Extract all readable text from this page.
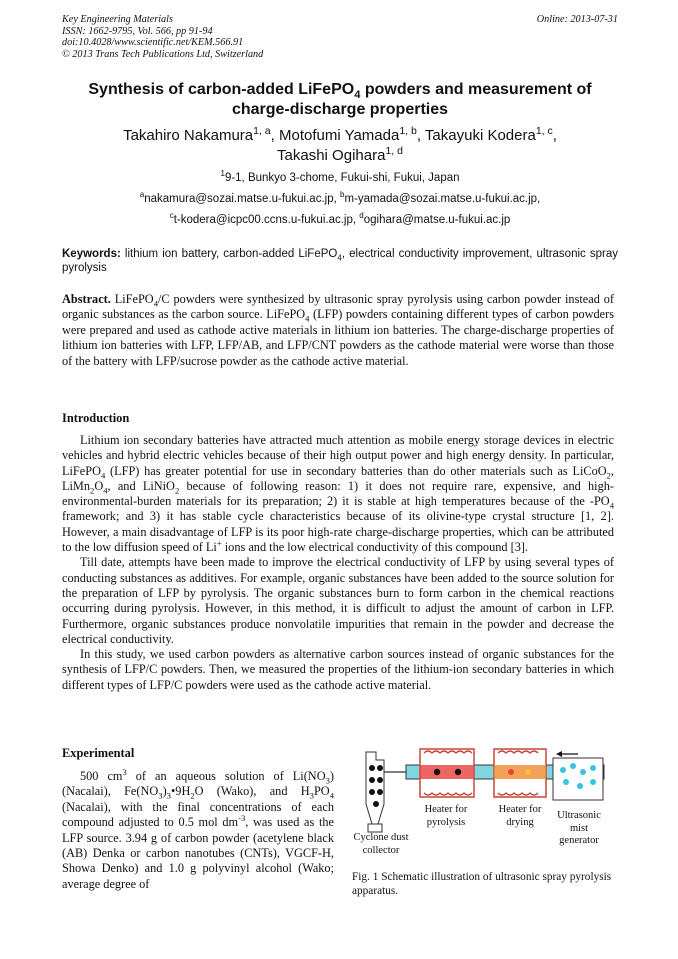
Key Engineering Materials
ISSN: 1662-9795, Vol. 566, pp 91-94
doi:10.4028/www.scientific.net/KEM.566.91
© 2013 Trans Tech Publications Ltd, Switzerland
Online: 2013-07-31
Synthesis of carbon-added LiFePO$_4$ powders and measurement of
charge-discharge properties
Takahiro Nakamura$^{1, a}$, Motofumi Yamada$^{1, b}$, Takayuki Kodera$^{1, c}$,
Takashi Ogihara$^{1, d}$
$^1$9-1, Bunkyo 3-chome, Fukui-shi, Fukui, Japan
$^a$nakamura@sozai.matse.u-fukui.ac.jp, $^b$m-yamada@sozai.matse.u-fukui.ac.jp,
$^c$t-kodera@icpc00.ccns.u-fukui.ac.jp, $^d$ogihara@matse.u-fukui.ac.jp
Keywords: lithium ion battery, carbon-added LiFePO$_4$, electrical conductivity improvement, ultrasonic spray pyrolysis
Abstract. LiFePO$_4$/C powders were synthesized by ultrasonic spray pyrolysis using carbon powder instead of organic substances as the carbon source. LiFePO$_4$ (LFP) powders containing different types of carbon powders were prepared and used as cathode active materials in lithium ion batteries. The charge-discharge properties of lithium ion batteries with LFP, LFP/AB, and LFP/CNT powders as the cathode material were worse than those of the battery with LFP/sucrose powder as the cathode active material.
Introduction

Lithium ion secondary batteries have attracted much attention as mobile energy storage devices in electric vehicles and hybrid electric vehicles because of their high output power and high energy density. In particular, LiFePO$_4$ (LFP) has greater potential for use in secondary batteries than do other materials such as LiCoO$_2$, $LiMn_2O_4$, and LiNiO$_2$ because of following reason: 1) it does not require rare, expensive, and high-environmental-burden materials for its preparation; 2) it is stable at high temperatures because of the $-PO_4$ framework; and 3) it has stable cycle characteristics because of its olivine-type crystal structure [1, 2]. However, a main disadvantage of LFP is its poor high-rate charge-discharge properties, which can be attributed to the low diffusion speed of Li+ ions and the low electrical conductivity of this compound [3].

Till date, attempts have been made to improve the electrical conductivity of LFP by using several types of conducting substances as additives. For example, organic substances have been added to the source solution for the preparation of LFP by pyrolysis. The organic substances burn to form carbon in the chemical reactions occurring during pyrolysis. However, in this method, it is difficult to adjust the amount of carbon in LFP. Furthermore, organic substances produce nonvolatile impurities that remain in the powder and decrease the electrical conductivity.

In this study, we used carbon powders as alternative carbon sources instead of organic substances for the synthesis of LFP/C powders. Then, we measured the properties of the lithium-ion secondary batteries in which different types of LFP/C powders were used as the cathode active material.

Experimental

500 $cm^3$ of an aqueous solution of $Li(NO_3)$ (Nacalai), $Fe(NO_3)_3•9H_2O$ (Wako), and $H_3PO_4$ (Nacalai), with the final concentrations of each compound adjusted to 0.5 mol $dm^{-3}$, was used as the LFP source. 3.94 g of carbon powder (acetylene black (AB) Denka or carbon nanotubes (CNTs), VGCF-H, Showa Denko) and 1.0 g polyvinyl alcohol (Wako; average degree of

Heater for pyrolysis
Heater for drying
Ultrasonic mist generator
Cyclone dust collector
Fig. 1 Schematic illustration of ultrasonic spray pyrolysis apparatus.
